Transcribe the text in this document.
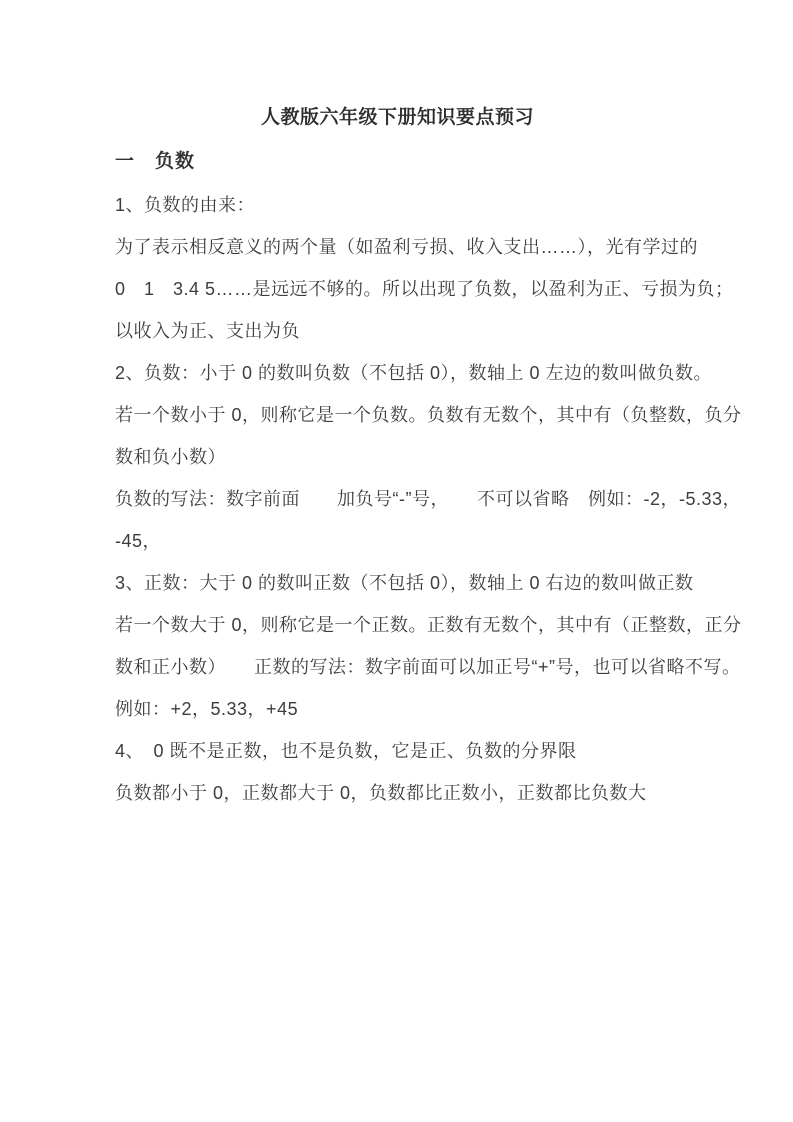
人教版六年级下册知识要点预习
一　负数
1、负数的由来：
为了表示相反意义的两个量（如盈利亏损、收入支出……），光有学过的
0　1　3.4 5……是远远不够的。所以出现了负数，以盈利为正、亏损为负；
以收入为正、支出为负
2、负数：小于 0 的数叫负数（不包括 0），数轴上 0 左边的数叫做负数。
若一个数小于 0，则称它是一个负数。负数有无数个，其中有（负整数，负分
数和负小数）
负数的写法：数字前面　　加负号“-”号，　　不可以省略　例如：-2，-5.33，
-45，
3、正数：大于 0 的数叫正数（不包括 0），数轴上 0 右边的数叫做正数
若一个数大于 0，则称它是一个正数。正数有无数个，其中有（正整数，正分
数和正小数）　　正数的写法：数字前面可以加正号“+”号，也可以省略不写。
例如：+2，5.33，+45
4、　0 既不是正数，也不是负数，它是正、负数的分界限
负数都小于 0，正数都大于 0，负数都比正数小，正数都比负数大
